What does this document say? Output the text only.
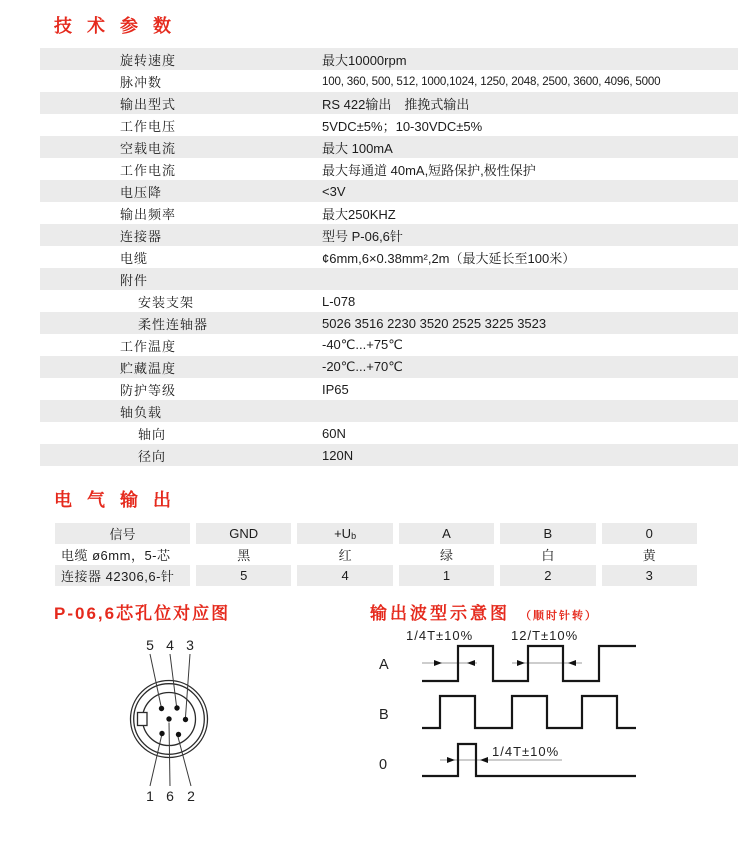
技 术 参 数
旋转速度	最大10000rpm
脉冲数	100, 360, 500, 512, 1000,1024, 1250, 2048, 2500, 3600, 4096, 5000
输出型式	RS 422输出　推挽式输出
工作电压	5VDC±5%；10-30VDC±5%
空载电流	最大 100mA
工作电流	最大每通道 40mA,短路保护,极性保护
电压降	<3V
输出频率	最大250KHZ
连接器	型号 P-06,6针
电缆	¢6mm,6×0.38mm²,2m（最大延长至100米）
附件
安装支架	L-078
柔性连轴器	5026 3516 2230 3520 2525 3225 3523
工作温度	-40℃...+75℃
贮藏温度	-20℃...+70℃
防护等级	IP65
轴负载
轴向	60N
径向	120N
电 气 输 出
信号	GND	$+U_b$	A	B	0
电缆 ø6mm，5-芯	黑	红	绿	白	黄
连接器 42306,6-针	5	4	1	2	3
P-06,6芯孔位对应图
5 4 3
1 6 2
输出波型示意图 （顺时针转）
A
B
0
1/4T±10%	12/T±10%
1/4T±10%
